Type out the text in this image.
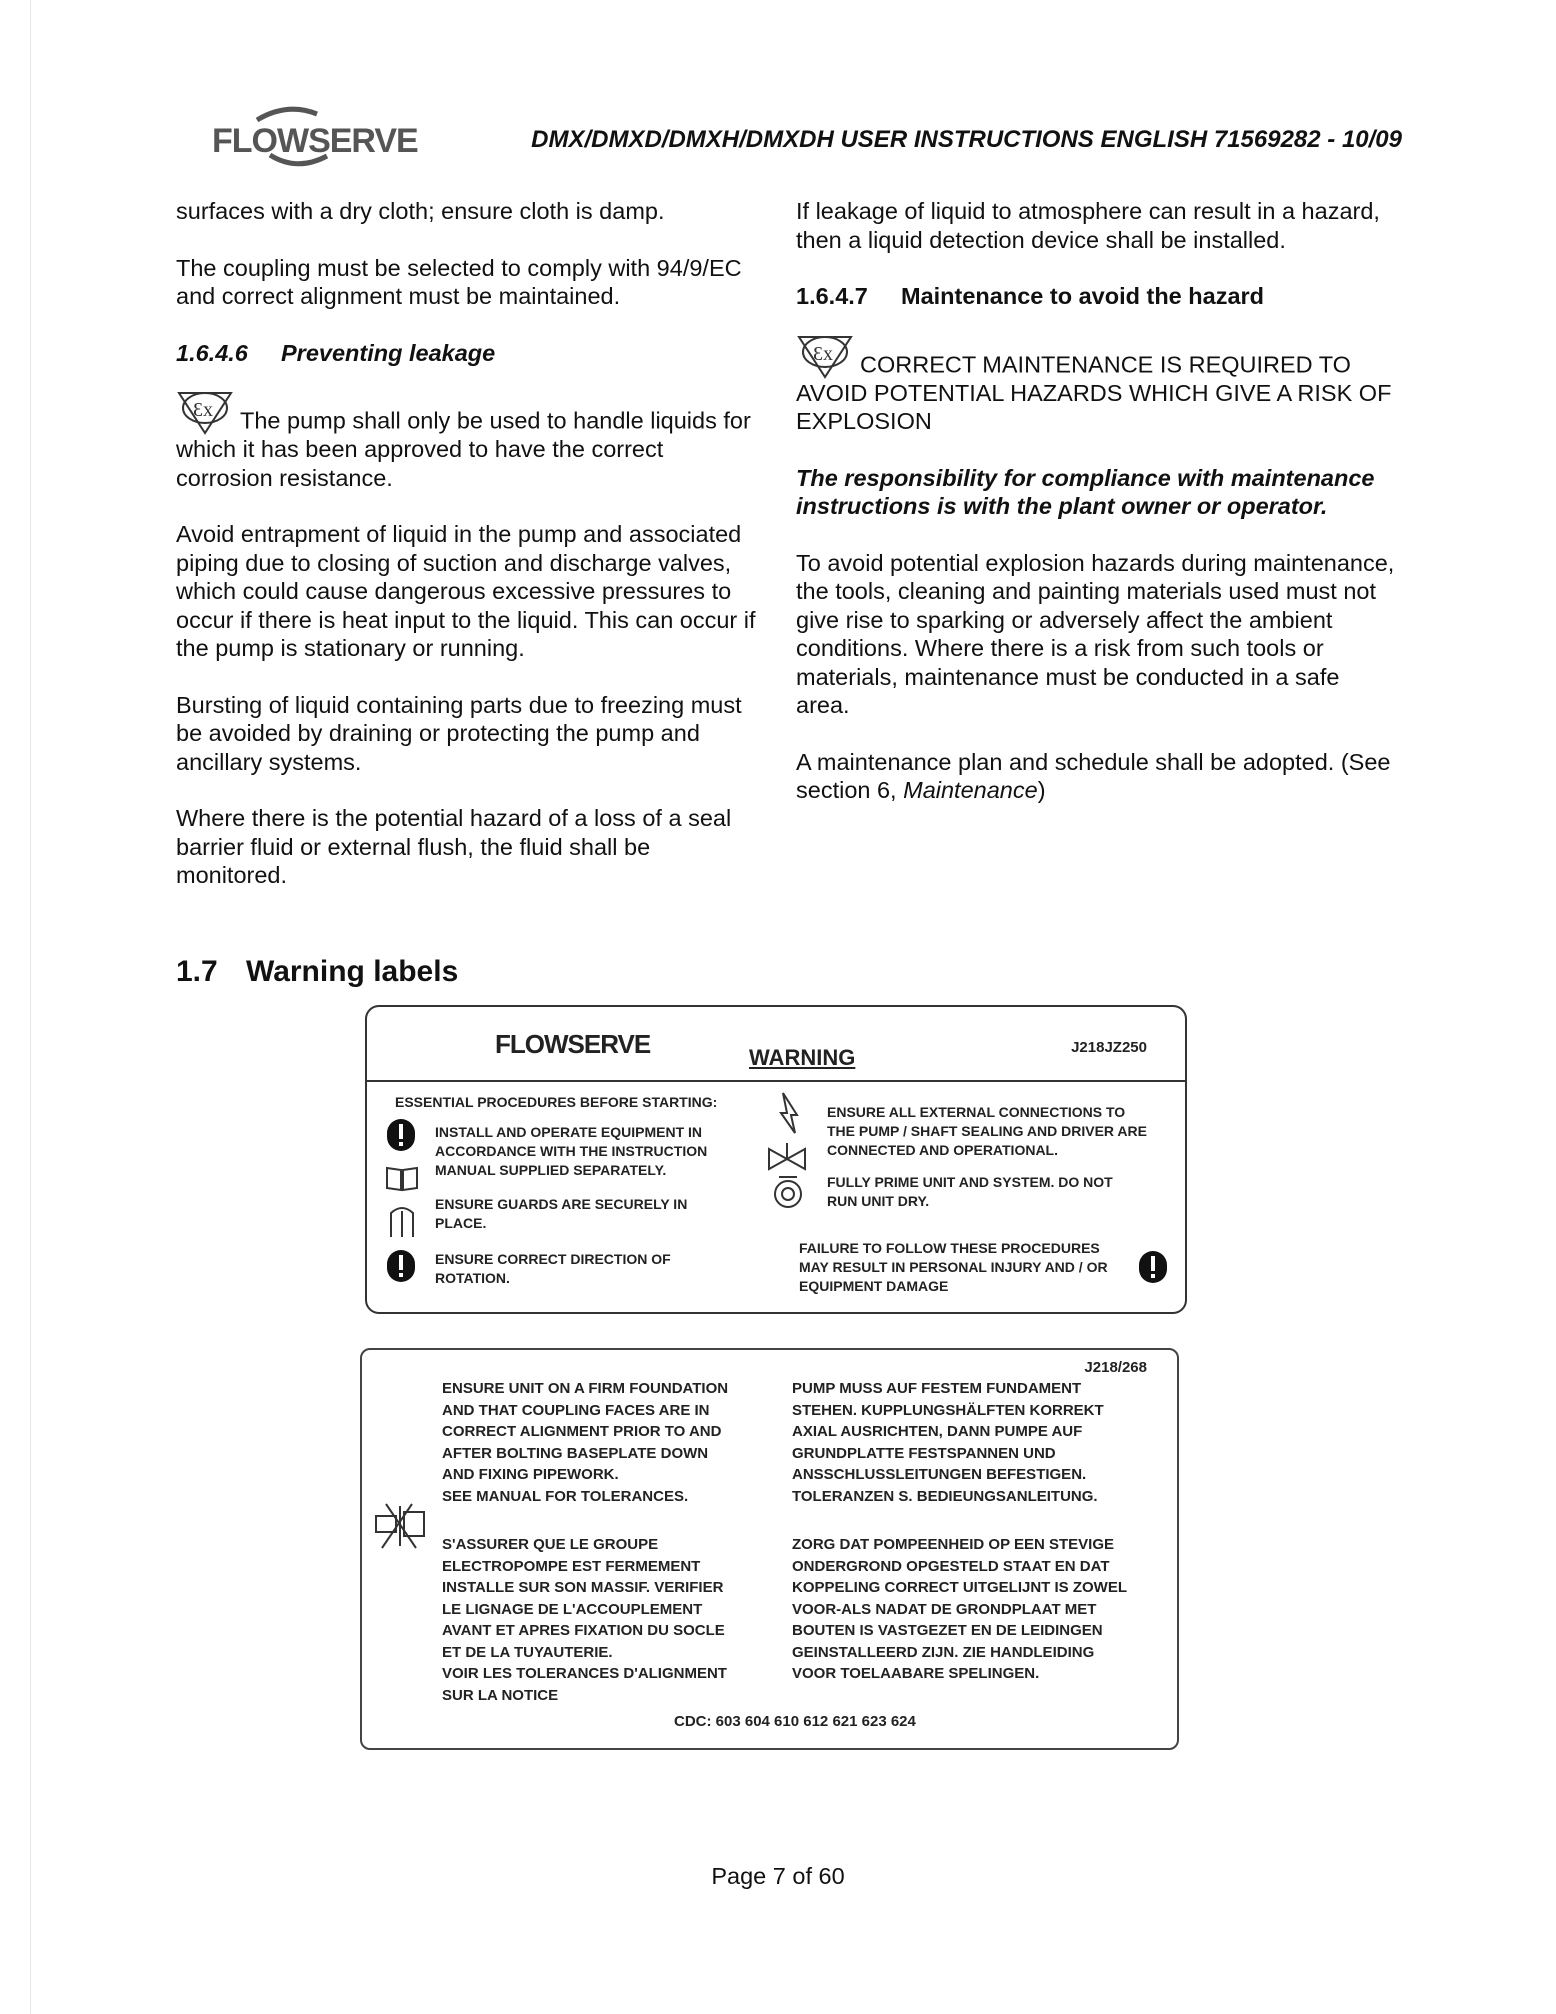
FLOWSERVE	DMX/DMXD/DMXH/DMXDH USER INSTRUCTIONS ENGLISH 71569282 - 10/09

surfaces with a dry cloth; ensure cloth is damp.

The coupling must be selected to comply with 94/9/EC and correct alignment must be maintained.

1.6.4.6 Preventing leakage

Ɛx The pump shall only be used to handle liquids for which it has been approved to have the correct corrosion resistance.

Avoid entrapment of liquid in the pump and associated piping due to closing of suction and discharge valves, which could cause dangerous excessive pressures to occur if there is heat input to the liquid. This can occur if the pump is stationary or running.

Bursting of liquid containing parts due to freezing must be avoided by draining or protecting the pump and ancillary systems.

Where there is the potential hazard of a loss of a seal barrier fluid or external flush, the fluid shall be monitored.

If leakage of liquid to atmosphere can result in a hazard, then a liquid detection device shall be installed.

1.6.4.7 Maintenance to avoid the hazard

Ɛx CORRECT MAINTENANCE IS REQUIRED TO AVOID POTENTIAL HAZARDS WHICH GIVE A RISK OF EXPLOSION

The responsibility for compliance with maintenance instructions is with the plant owner or operator.

To avoid potential explosion hazards during maintenance, the tools, cleaning and painting materials used must not give rise to sparking or adversely affect the ambient conditions. Where there is a risk from such tools or materials, maintenance must be conducted in a safe area.

A maintenance plan and schedule shall be adopted. (See section 6, Maintenance)

1.7 Warning labels
FLOWSERVE	WARNING	J218JZ250
ESSENTIAL PROCEDURES BEFORE STARTING:
INSTALL AND OPERATE EQUIPMENT IN ACCORDANCE WITH THE INSTRUCTION MANUAL SUPPLIED SEPARATELY.
ENSURE GUARDS ARE SECURELY IN PLACE.
ENSURE CORRECT DIRECTION OF ROTATION.
ENSURE ALL EXTERNAL CONNECTIONS TO THE PUMP / SHAFT SEALING AND DRIVER ARE CONNECTED AND OPERATIONAL.
FULLY PRIME UNIT AND SYSTEM. DO NOT RUN UNIT DRY.
FAILURE TO FOLLOW THESE PROCEDURES MAY RESULT IN PERSONAL INJURY AND / OR EQUIPMENT DAMAGE
J218/268
ENSURE UNIT ON A FIRM FOUNDATION
AND THAT COUPLING FACES ARE IN
CORRECT ALIGNMENT PRIOR TO AND
AFTER BOLTING BASEPLATE DOWN
AND FIXING PIPEWORK.
SEE MANUAL FOR TOLERANCES.
PUMP MUSS AUF FESTEM FUNDAMENT
STEHEN. KUPPLUNGSHÄLFTEN KORREKT
AXIAL AUSRICHTEN, DANN PUMPE AUF
GRUNDPLATTE FESTSPANNEN UND
ANSSCHLUSSLEITUNGEN BEFESTIGEN.
TOLERANZEN S. BEDIEUNGSANLEITUNG.
S'ASSURER QUE LE GROUPE
ELECTROPOMPE EST FERMEMENT
INSTALLE SUR SON MASSIF. VERIFIER
LE LIGNAGE DE L'ACCOUPLEMENT
AVANT ET APRES FIXATION DU SOCLE
ET DE LA TUYAUTERIE.
VOIR LES TOLERANCES D'ALIGNMENT
SUR LA NOTICE
ZORG DAT POMPEENHEID OP EEN STEVIGE
ONDERGROND OPGESTELD STAAT EN DAT
KOPPELING CORRECT UITGELIJNT IS ZOWEL
VOOR-ALS NADAT DE GRONDPLAAT MET
BOUTEN IS VASTGEZET EN DE LEIDINGEN
GEINSTALLEERD ZIJN. ZIE HANDLEIDING
VOOR TOELAABARE SPELINGEN.
CDC: 603 604 610 612 621 623 624
Page 7 of 60
